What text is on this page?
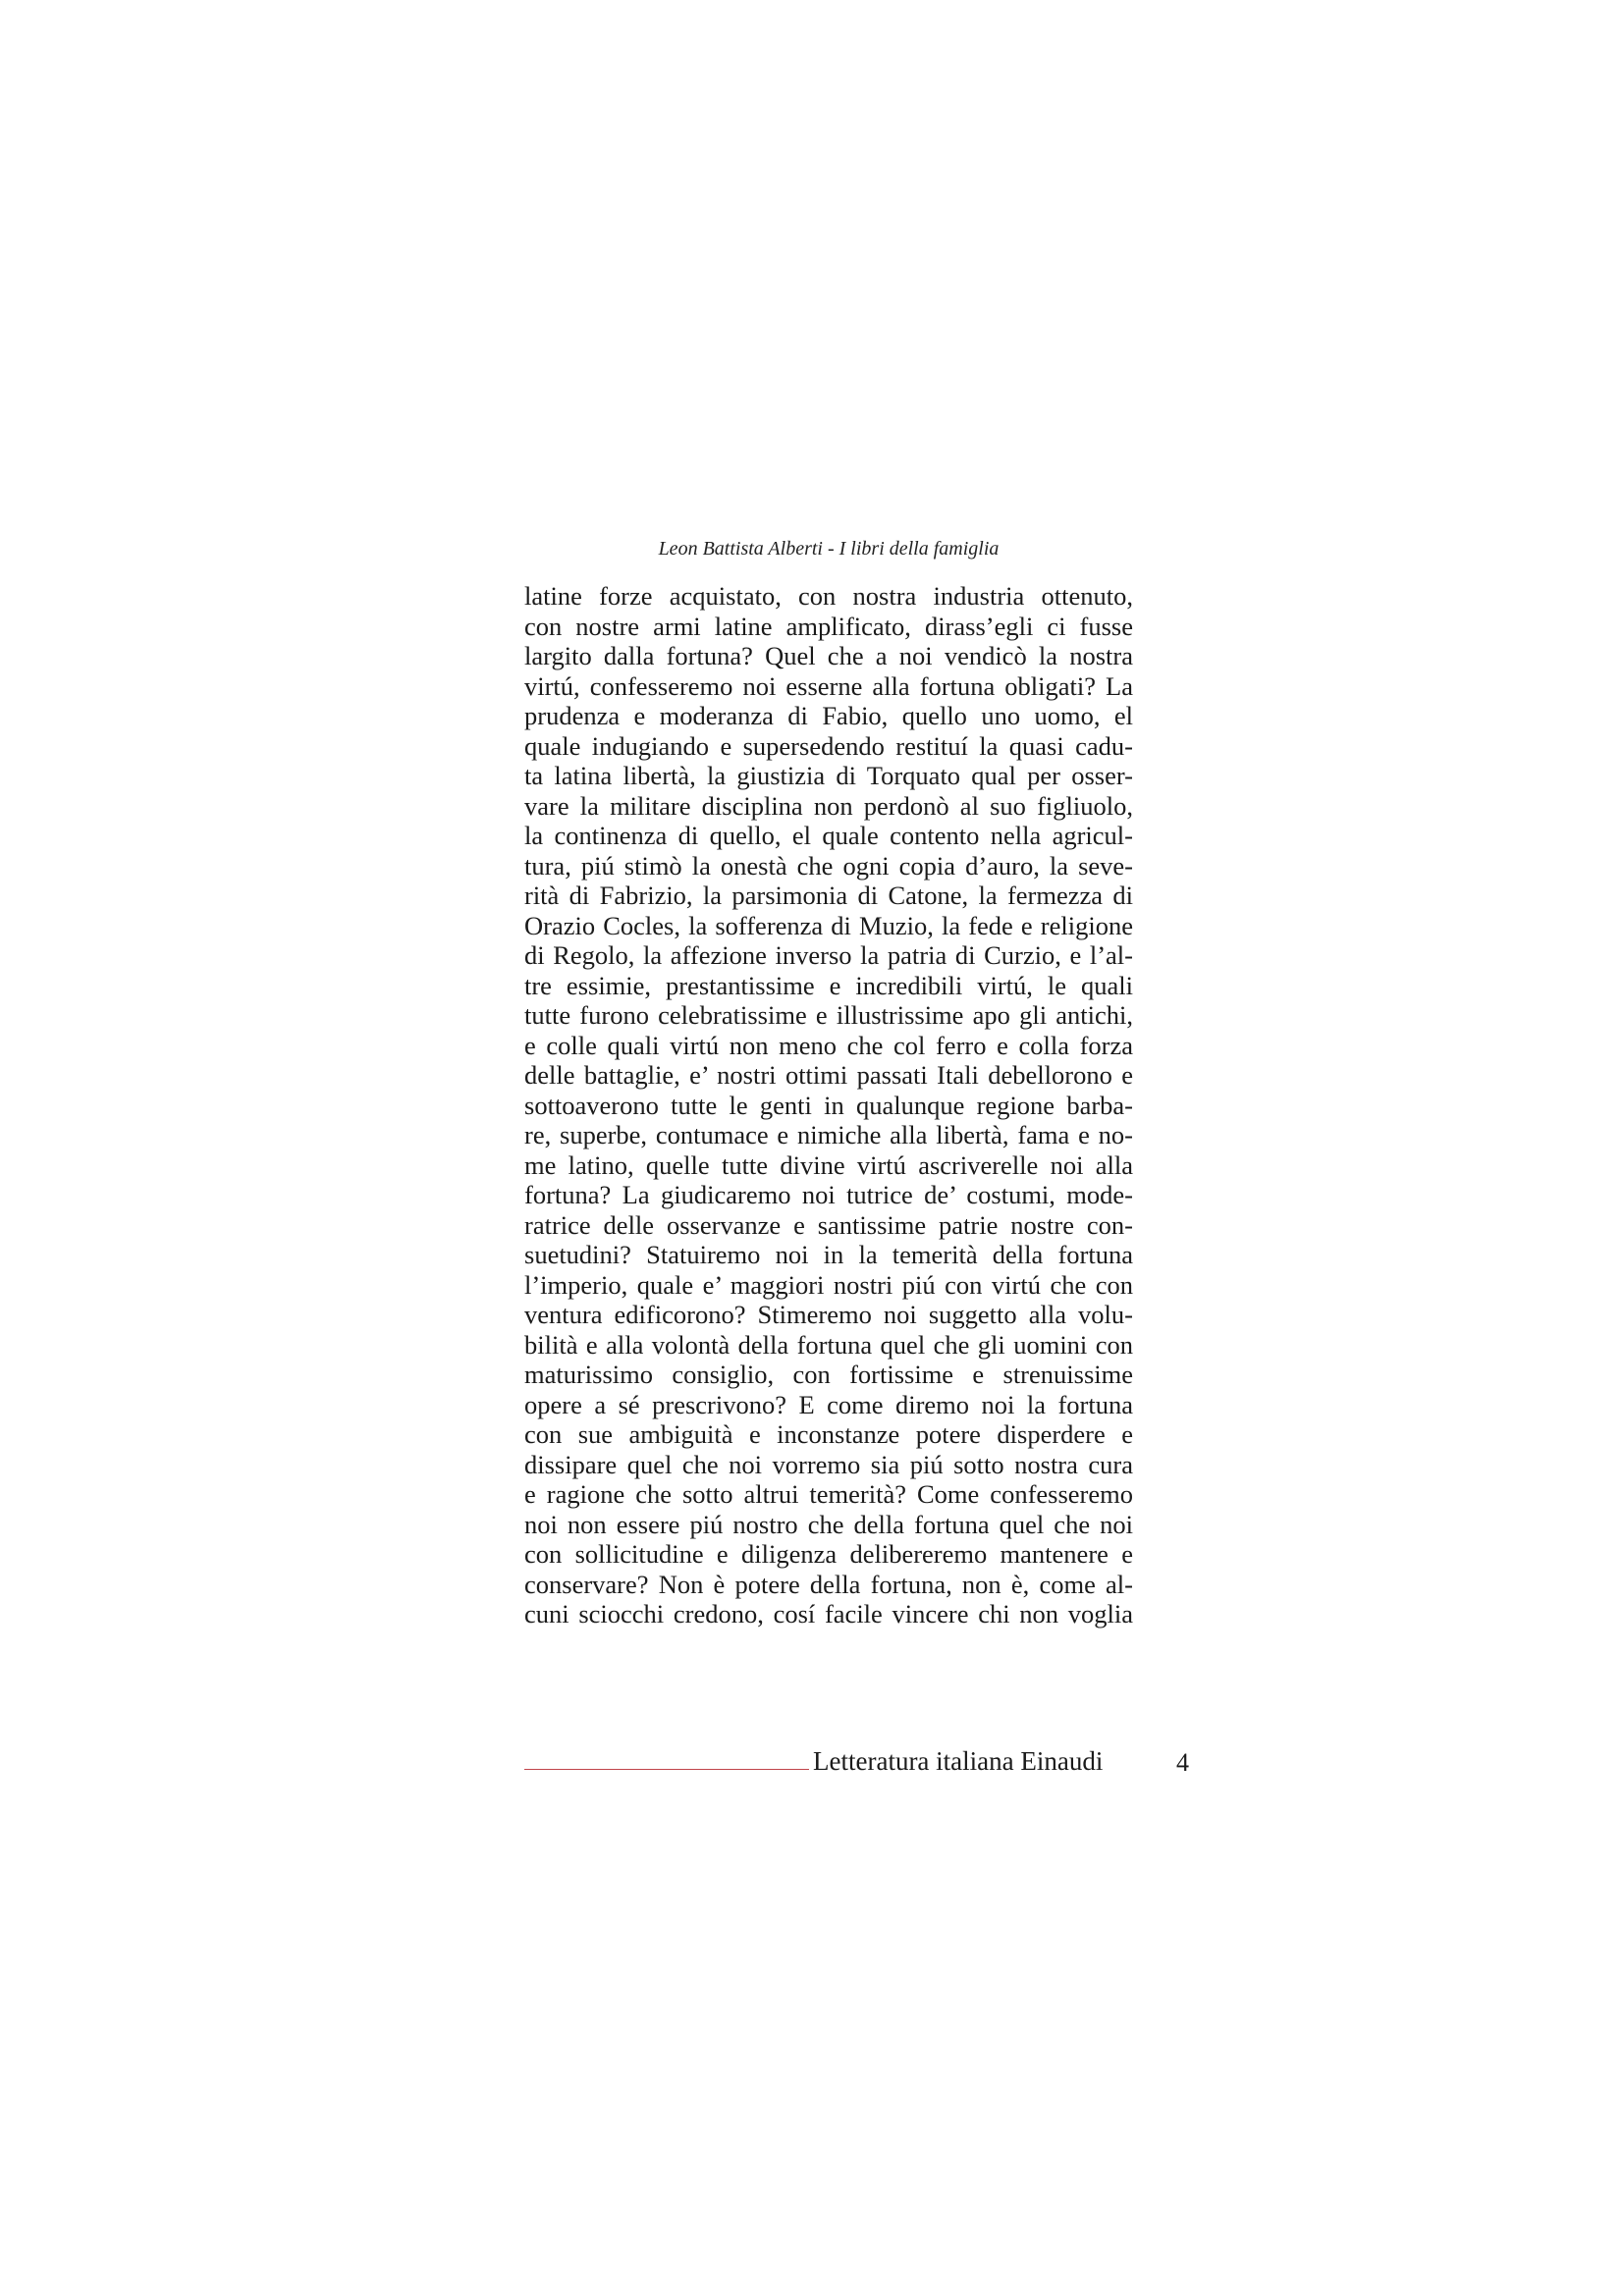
Leon Battista Alberti - I libri della famiglia
latine forze acquistato, con nostra industria ottenuto,
con nostre armi latine amplificato, dirass’egli ci fusse
largito dalla fortuna? Quel che a noi vendicò la nostra
virtú, confesseremo noi esserne alla fortuna obligati? La
prudenza e moderanza di Fabio, quello uno uomo, el
quale indugiando e supersedendo restituí la quasi cadu-
ta latina libertà, la giustizia di Torquato qual per osser-
vare la militare disciplina non perdonò al suo figliuolo,
la continenza di quello, el quale contento nella agricul-
tura, piú stimò la onestà che ogni copia d’auro, la seve-
rità di Fabrizio, la parsimonia di Catone, la fermezza di
Orazio Cocles, la sofferenza di Muzio, la fede e religione
di Regolo, la affezione inverso la patria di Curzio, e l’al-
tre essimie, prestantissime e incredibili virtú, le quali
tutte furono celebratissime e illustrissime apo gli antichi,
e colle quali virtú non meno che col ferro e colla forza
delle battaglie, e’ nostri ottimi passati Itali debellorono e
sottoaverono tutte le genti in qualunque regione barba-
re, superbe, contumace e nimiche alla libertà, fama e no-
me latino, quelle tutte divine virtú ascriverelle noi alla
fortuna? La giudicaremo noi tutrice de’ costumi, mode-
ratrice delle osservanze e santissime patrie nostre con-
suetudini? Statuiremo noi in la temerità della fortuna
l’imperio, quale e’ maggiori nostri piú con virtú che con
ventura edificorono? Stimeremo noi suggetto alla volu-
bilità e alla volontà della fortuna quel che gli uomini con
maturissimo consiglio, con fortissime e strenuissime
opere a sé prescrivono? E come diremo noi la fortuna
con sue ambiguità e inconstanze potere disperdere e
dissipare quel che noi vorremo sia piú sotto nostra cura
e ragione che sotto altrui temerità? Come confesseremo
noi non essere piú nostro che della fortuna quel che noi
con sollicitudine e diligenza delibereremo mantenere e
conservare? Non è potere della fortuna, non è, come al-
cuni sciocchi credono, cosí facile vincere chi non voglia
Letteratura italiana Einaudi	4
